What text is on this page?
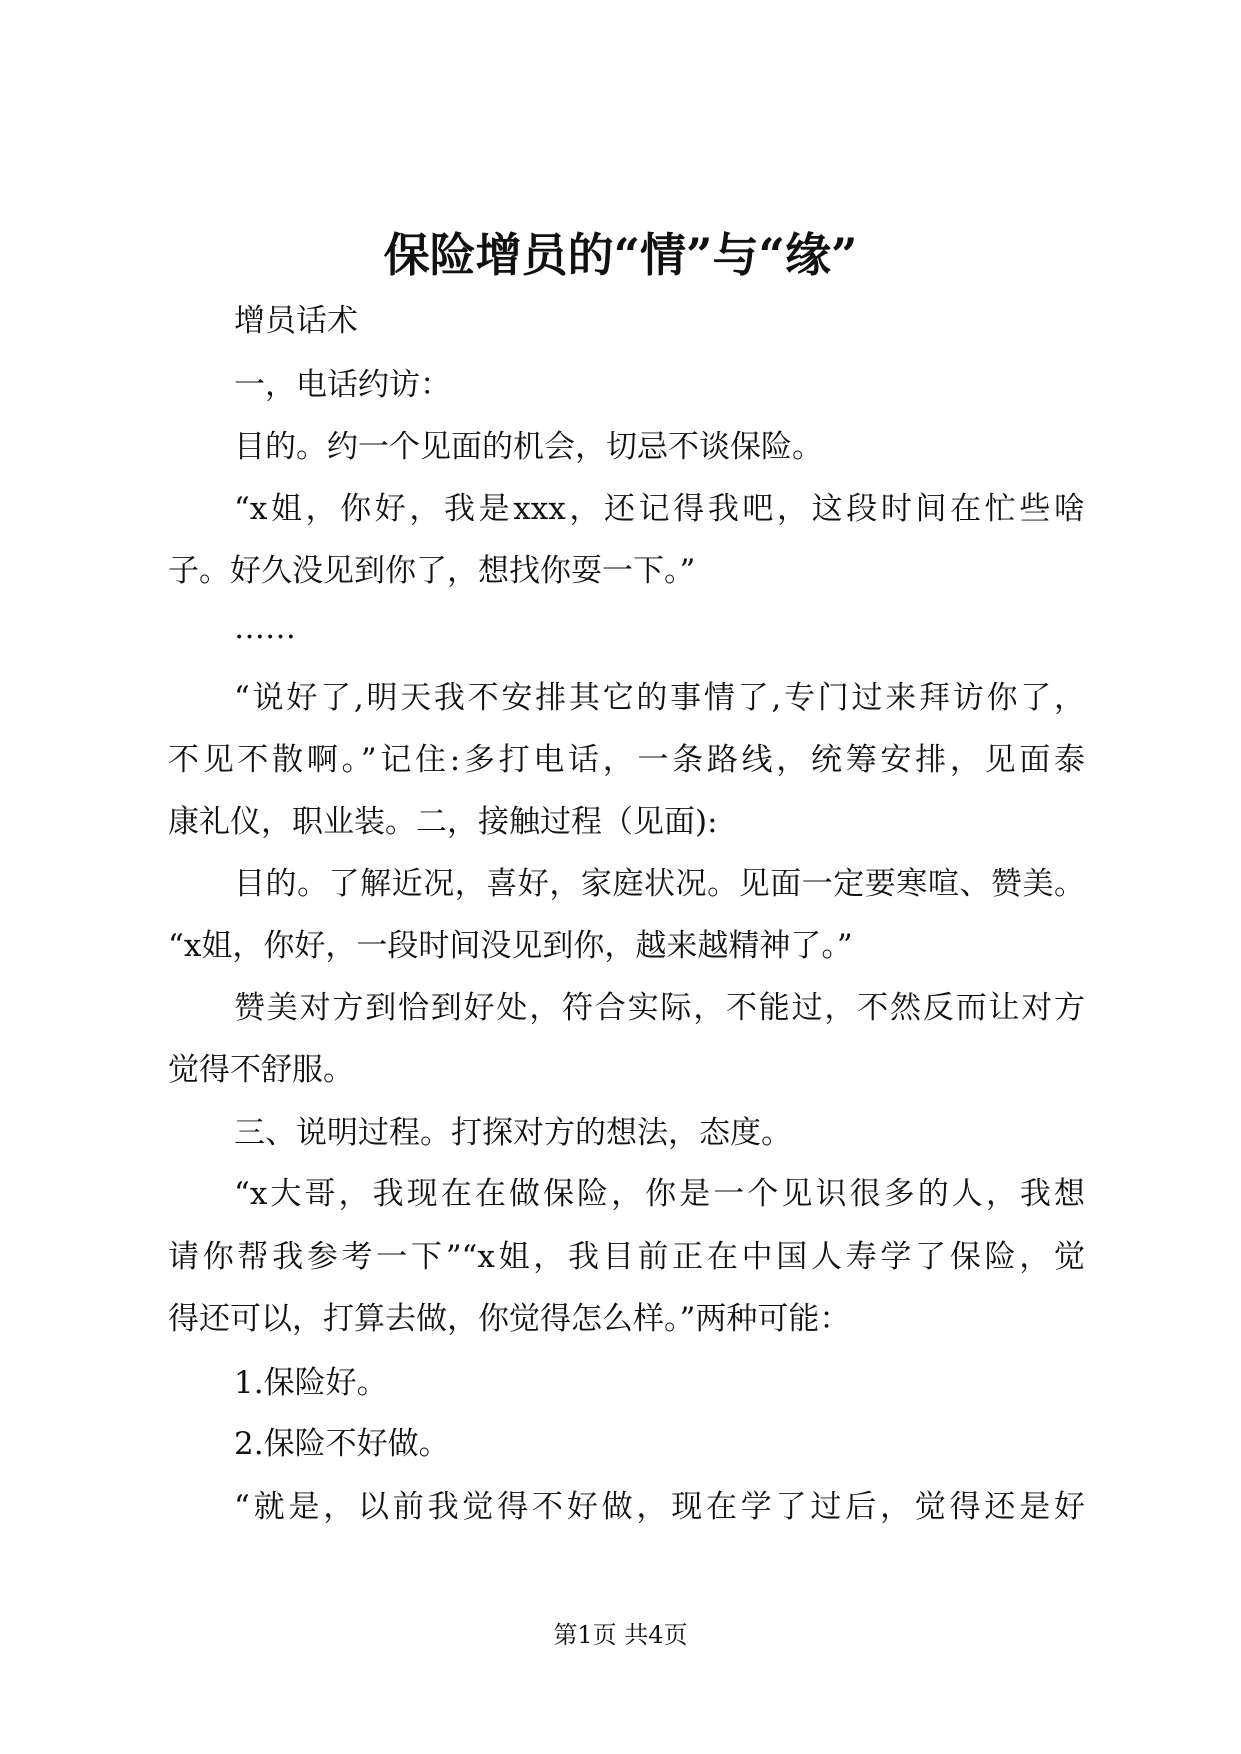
保险增员的“情”与“缘”
增员话术
一，电话约访：
目的。约一个见面的机会，切忌不谈保险。
“x姐，你好，我是xxx，还记得我吧，这段时间在忙些啥
子。好久没见到你了，想找你耍一下。”
……
“说好了,明天我不安排其它的事情了,专门过来拜访你了，
不见不散啊。”记住:多打电话，一条路线，统筹安排，见面泰
康礼仪，职业装。二，接触过程（见面):
目的。了解近况，喜好，家庭状况。见面一定要寒喧、赞美。
“x姐，你好，一段时间没见到你，越来越精神了。”
赞美对方到恰到好处，符合实际，不能过，不然反而让对方
觉得不舒服。
三、说明过程。打探对方的想法，态度。
“x大哥，我现在在做保险，你是一个见识很多的人，我想
请你帮我参考一下”“x姐，我目前正在中国人寿学了保险，觉
得还可以，打算去做，你觉得怎么样。”两种可能：
1.保险好。
2.保险不好做。
“就是，以前我觉得不好做，现在学了过后，觉得还是好
第1页 共4页
